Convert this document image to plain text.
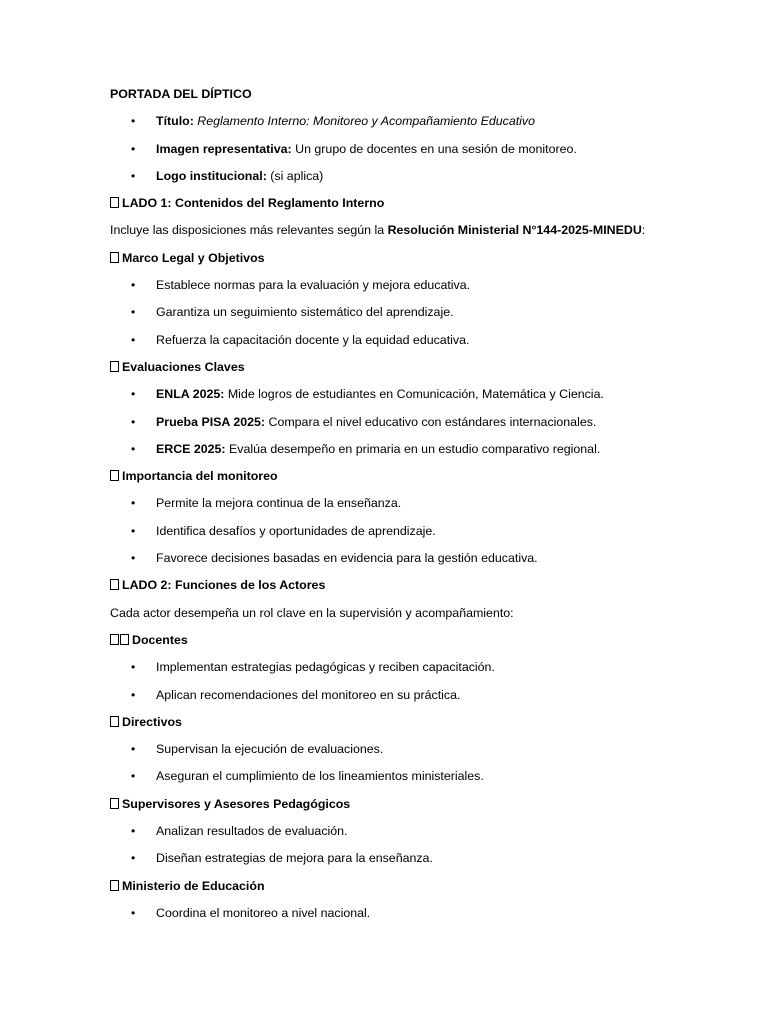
PORTADA DEL DÍPTICO
• Título: Reglamento Interno: Monitoreo y Acompañamiento Educativo
• Imagen representativa: Un grupo de docentes en una sesión de monitoreo.
• Logo institucional: (si aplica)
LADO 1: Contenidos del Reglamento Interno
Incluye las disposiciones más relevantes según la Resolución Ministerial N°144-2025-MINEDU:
Marco Legal y Objetivos
• Establece normas para la evaluación y mejora educativa.
• Garantiza un seguimiento sistemático del aprendizaje.
• Refuerza la capacitación docente y la equidad educativa.
Evaluaciones Claves
• ENLA 2025: Mide logros de estudiantes en Comunicación, Matemática y Ciencia.
• Prueba PISA 2025: Compara el nivel educativo con estándares internacionales.
• ERCE 2025: Evalúa desempeño en primaria en un estudio comparativo regional.
Importancia del monitoreo
• Permite la mejora continua de la enseñanza.
• Identifica desafíos y oportunidades de aprendizaje.
• Favorece decisiones basadas en evidencia para la gestión educativa.
LADO 2: Funciones de los Actores
Cada actor desempeña un rol clave en la supervisión y acompañamiento:
Docentes
• Implementan estrategias pedagógicas y reciben capacitación.
• Aplican recomendaciones del monitoreo en su práctica.
Directivos
• Supervisan la ejecución de evaluaciones.
• Aseguran el cumplimiento de los lineamientos ministeriales.
Supervisores y Asesores Pedagógicos
• Analizan resultados de evaluación.
• Diseñan estrategias de mejora para la enseñanza.
Ministerio de Educación
• Coordina el monitoreo a nivel nacional.
